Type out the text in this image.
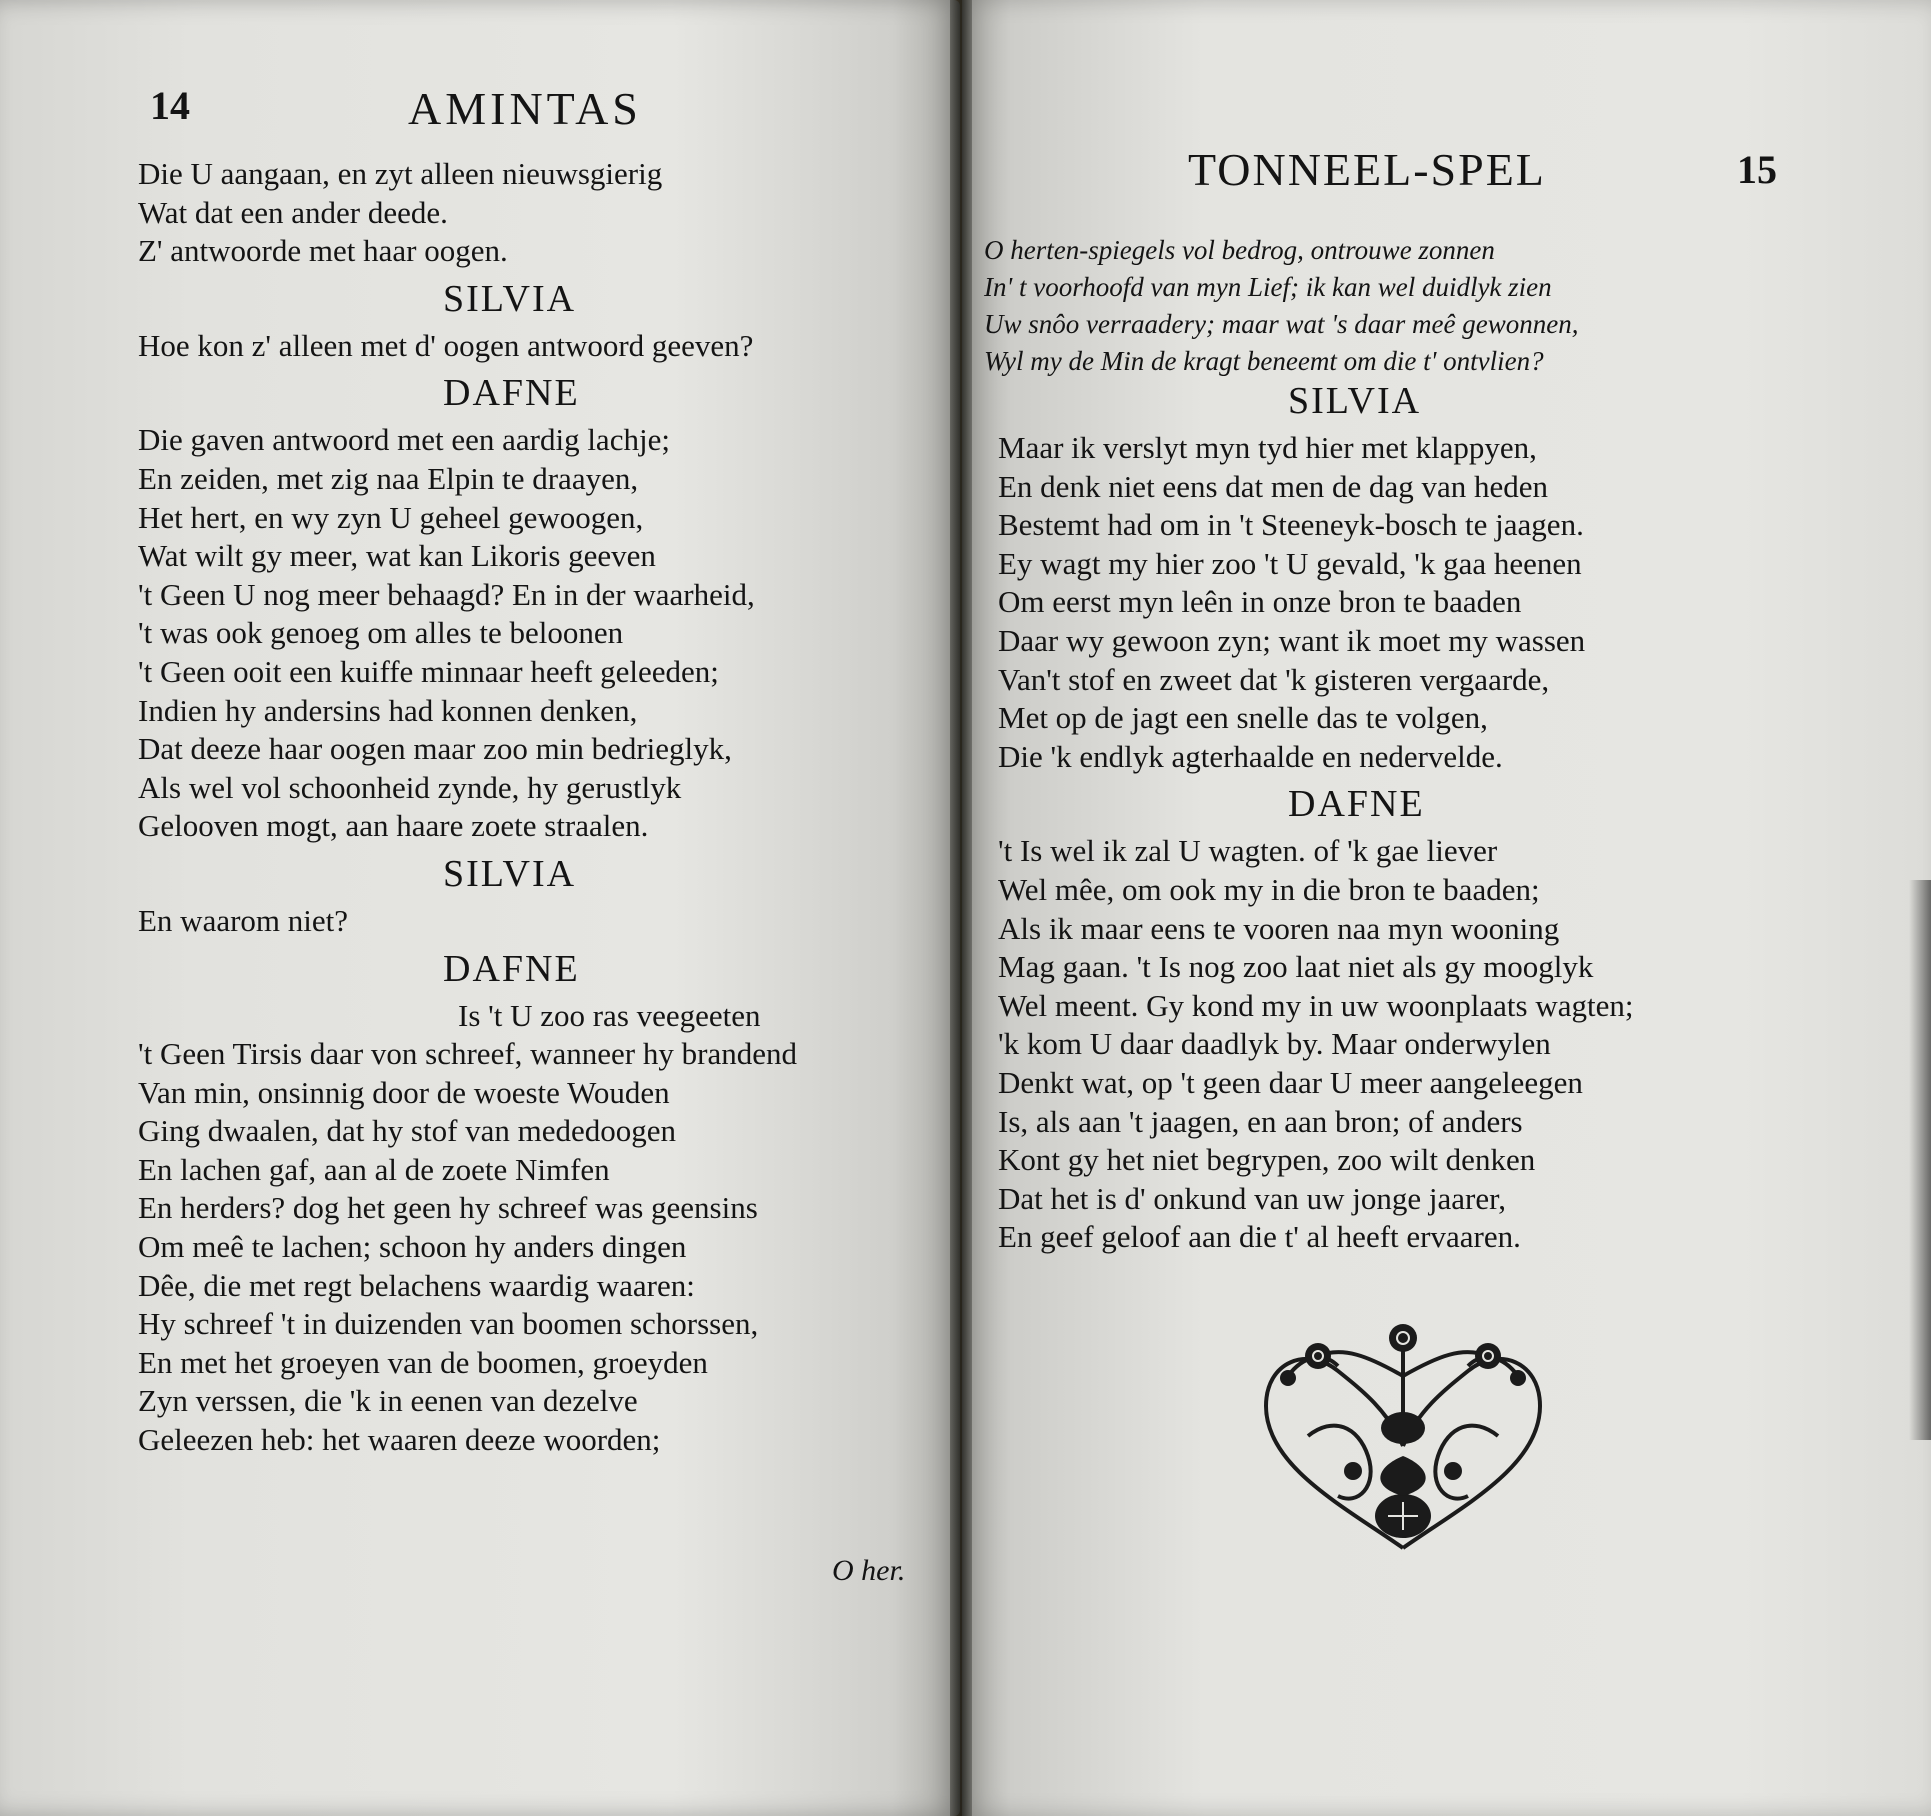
14	AMINTAS
Die U aangaan, en zyt alleen nieuwsgierig
Wat dat een ander deede.
Z' antwoorde met haar oogen.
SILVIA
Hoe kon z' alleen met d' oogen antwoord geeven?
DAFNE
Die gaven antwoord met een aardig lachje;
En zeiden, met zig naa Elpin te draayen,
Het hert, en wy zyn U geheel gewoogen,
Wat wilt gy meer, wat kan Likoris geeven
't Geen U nog meer behaagd? En in der waarheid,
't was ook genoeg om alles te beloonen
't Geen ooit een kuiffe minnaar heeft geleeden;
Indien hy andersins had konnen denken,
Dat deeze haar oogen maar zoo min bedrieglyk,
Als wel vol schoonheid zynde, hy gerustlyk
Gelooven mogt, aan haare zoete straalen.
SILVIA
En waarom niet?
DAFNE
Is 't U zoo ras veegeeten
't Geen Tirsis daar von schreef, wanneer hy brandend
Van min, onsinnig door de woeste Wouden
Ging dwaalen, dat hy stof van mededoogen
En lachen gaf, aan al de zoete Nimfen
En herders? dog het geen hy schreef was geensins
Om meê te lachen; schoon hy anders dingen
Dêe, die met regt belachens waardig waaren:
Hy schreef 't in duizenden van boomen schorssen,
En met het groeyen van de boomen, groeyden
Zyn verssen, die 'k in eenen van dezelve
Geleezen heb: het waaren deeze woorden;
O her.
TONNEEL-SPEL	15
O herten-spiegels vol bedrog, ontrouwe zonnen
In' t voorhoofd van myn Lief; ik kan wel duidlyk zien
Uw snôo verraadery; maar wat 's daar meê gewonnen,
Wyl my de Min de kragt beneemt om die t' ontvlien?
SILVIA
Maar ik verslyt myn tyd hier met klappyen,
En denk niet eens dat men de dag van heden
Bestemt had om in 't Steeneyk-bosch te jaagen.
Ey wagt my hier zoo 't U gevald, 'k gaa heenen
Om eerst myn leên in onze bron te baaden
Daar wy gewoon zyn; want ik moet my wassen
Van't stof en zweet dat 'k gisteren vergaarde,
Met op de jagt een snelle das te volgen,
Die 'k endlyk agterhaalde en nedervelde.
DAFNE
't Is wel ik zal U wagten. of 'k gae liever
Wel mêe, om ook my in die bron te baaden;
Als ik maar eens te vooren naa myn wooning
Mag gaan. 't Is nog zoo laat niet als gy mooglyk
Wel meent. Gy kond my in uw woonplaats wagten;
'k kom U daar daadlyk by. Maar onderwylen
Denkt wat, op 't geen daar U meer aangeleegen
Is, als aan 't jaagen, en aan bron; of anders
Kont gy het niet begrypen, zoo wilt denken
Dat het is d' onkund van uw jonge jaarer,
En geef geloof aan die t' al heeft ervaaren.
